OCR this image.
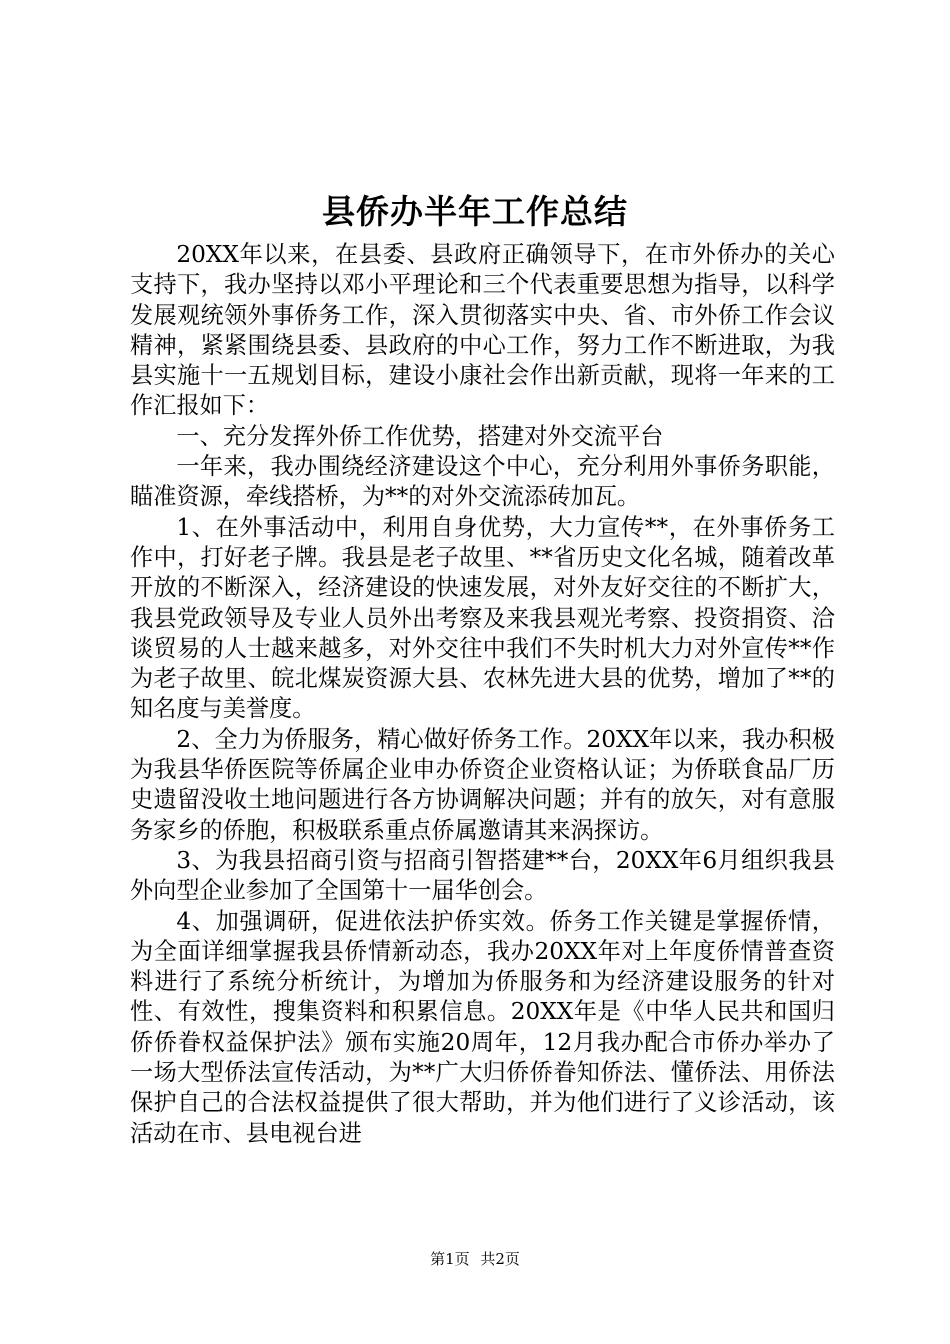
县侨办半年工作总结

20XX年以来，在县委、县政府正确领导下，在市外侨办的关心支持下，我办坚持以邓小平理论和三个代表重要思想为指导，以科学发展观统领外事侨务工作，深入贯彻落实中央、省、市外侨工作会议精神，紧紧围绕县委、县政府的中心工作，努力工作不断进取，为我县实施十一五规划目标，建设小康社会作出新贡献，现将一年来的工作汇报如下：

一、充分发挥外侨工作优势，搭建对外交流平台

一年来，我办围绕经济建设这个中心，充分利用外事侨务职能，瞄准资源，牵线搭桥，为**的对外交流添砖加瓦。

1、在外事活动中，利用自身优势，大力宣传**，在外事侨务工作中，打好老子牌。我县是老子故里、**省历史文化名城，随着改革开放的不断深入，经济建设的快速发展，对外友好交往的不断扩大，我县党政领导及专业人员外出考察及来我县观光考察、投资捐资、洽谈贸易的人士越来越多，对外交往中我们不失时机大力对外宣传**作为老子故里、皖北煤炭资源大县、农林先进大县的优势，增加了**的知名度与美誉度。

2、全力为侨服务，精心做好侨务工作。20XX年以来，我办积极为我县华侨医院等侨属企业申办侨资企业资格认证；为侨联食品厂历史遗留没收土地问题进行各方协调解决问题；并有的放矢，对有意服务家乡的侨胞，积极联系重点侨属邀请其来涡探访。

3、为我县招商引资与招商引智搭建**台，20XX年6月组织我县外向型企业参加了全国第十一届华创会。

4、加强调研，促进依法护侨实效。侨务工作关键是掌握侨情，为全面详细掌握我县侨情新动态，我办20XX年对上年度侨情普查资料进行了系统分析统计，为增加为侨服务和为经济建设服务的针对性、有效性，搜集资料和积累信息。20XX年是《中华人民共和国归侨侨眷权益保护法》颁布实施20周年，12月我办配合市侨办举办了一场大型侨法宣传活动，为**广大归侨侨眷知侨法、懂侨法、用侨法保护自己的合法权益提供了很大帮助，并为他们进行了义诊活动，该活动在市、县电视台进

第1页 共2页
